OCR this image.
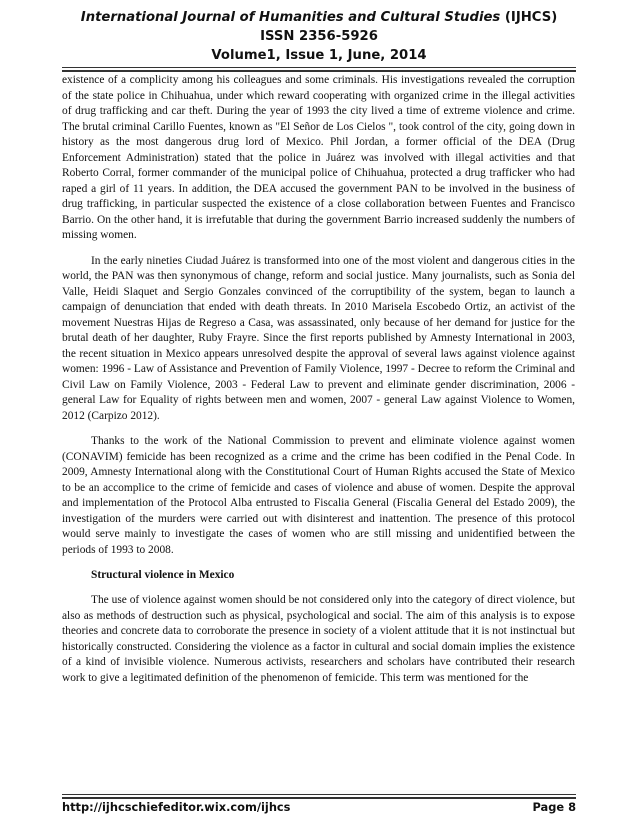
International Journal of Humanities and Cultural Studies (IJHCS)
ISSN 2356-5926
Volume1, Issue 1, June, 2014

existence of a complicity among his colleagues and some criminals. His investigations revealed the corruption of the state police in Chihuahua, under which reward cooperating with organized crime in the illegal activities of drug trafficking and car theft. During the year of 1993 the city lived a time of extreme violence and crime. The brutal criminal Carillo Fuentes, known as "El Señor de Los Cielos ", took control of the city, going down in history as the most dangerous drug lord of Mexico. Phil Jordan, a former official of the DEA (Drug Enforcement Administration) stated that the police in Juárez was involved with illegal activities and that Roberto Corral, former commander of the municipal police of Chihuahua, protected a drug trafficker who had raped a girl of 11 years. In addition, the DEA accused the government PAN to be involved in the business of drug trafficking, in particular suspected the existence of a close collaboration between Fuentes and Francisco Barrio. On the other hand, it is irrefutable that during the government Barrio increased suddenly the numbers of missing women.

In the early nineties Ciudad Juárez is transformed into one of the most violent and dangerous cities in the world, the PAN was then synonymous of change, reform and social justice. Many journalists, such as Sonia del Valle, Heidi Slaquet and Sergio Gonzales convinced of the corruptibility of the system, began to launch a campaign of denunciation that ended with death threats. In 2010 Marisela Escobedo Ortiz, an activist of the movement Nuestras Hijas de Regreso a Casa, was assassinated, only because of her demand for justice for the brutal death of her daughter, Ruby Frayre. Since the first reports published by Amnesty International in 2003, the recent situation in Mexico appears unresolved despite the approval of several laws against violence against women: 1996 - Law of Assistance and Prevention of Family Violence, 1997 - Decree to reform the Criminal and Civil Law on Family Violence, 2003 - Federal Law to prevent and eliminate gender discrimination, 2006 - general Law for Equality of rights between men and women, 2007 - general Law against Violence to Women, 2012 (Carpizo 2012).

Thanks to the work of the National Commission to prevent and eliminate violence against women (CONAVIM) femicide has been recognized as a crime and the crime has been codified in the Penal Code. In 2009, Amnesty International along with the Constitutional Court of Human Rights accused the State of Mexico to be an accomplice to the crime of femicide and cases of violence and abuse of women. Despite the approval and implementation of the Protocol Alba entrusted to Fiscalia General (Fiscalia General del Estado 2009), the investigation of the murders were carried out with disinterest and inattention. The presence of this protocol would serve mainly to investigate the cases of women who are still missing and unidentified between the periods of 1993 to 2008.

Structural violence in Mexico

The use of violence against women should be not considered only into the category of direct violence, but also as methods of destruction such as physical, psychological and social. The aim of this analysis is to expose theories and concrete data to corroborate the presence in society of a violent attitude that it is not instinctual but historically constructed. Considering the violence as a factor in cultural and social domain implies the existence of a kind of invisible violence. Numerous activists, researchers and scholars have contributed their research work to give a legitimated definition of the phenomenon of femicide. This term was mentioned for the

http://ijhcschiefeditor.wix.com/ijhcs	Page 8
